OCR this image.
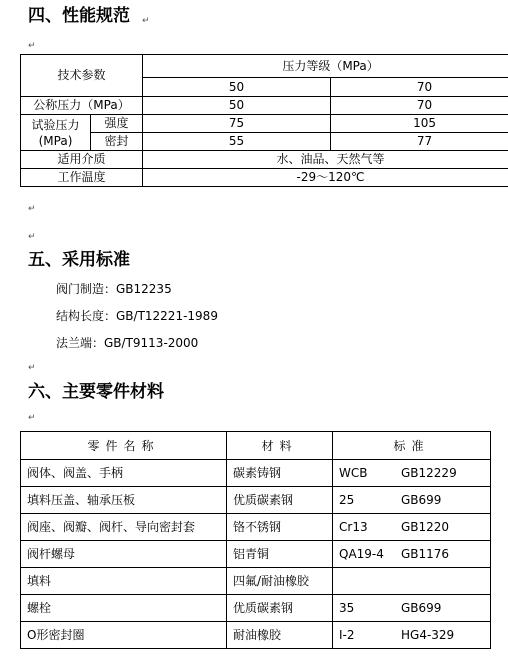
四、性能规范 ↵
↵
技术参数		压力等级（MPa）	
		50	70
公称压力（MPa）		50	70
试验压力(MPa)	强度	75	105
	密封	55	77
适用介质		水、油品、天然气等	
工作温度		-29～120℃	
↵
↵
五、采用标准
阀门制造：GB12235
结构长度：GB/T12221-1989
法兰端：GB/T9113-2000
↵
六、主要零件材料
↵
零件名称	材料	标准
阀体、阀盖、手柄	碳素铸钢	WCB GB12229
填料压盖、轴承压板	优质碳素钢	25 GB699
阀座、阀瓣、阀杆、导向密封套	铬不锈钢	Cr13 GB1220
阀杆螺母	铝青铜	QA19-4 GB1176
填料	四氟/耐油橡胶	
螺栓	优质碳素钢	35 GB699
O形密封圈	耐油橡胶	I-2 HG4-329
